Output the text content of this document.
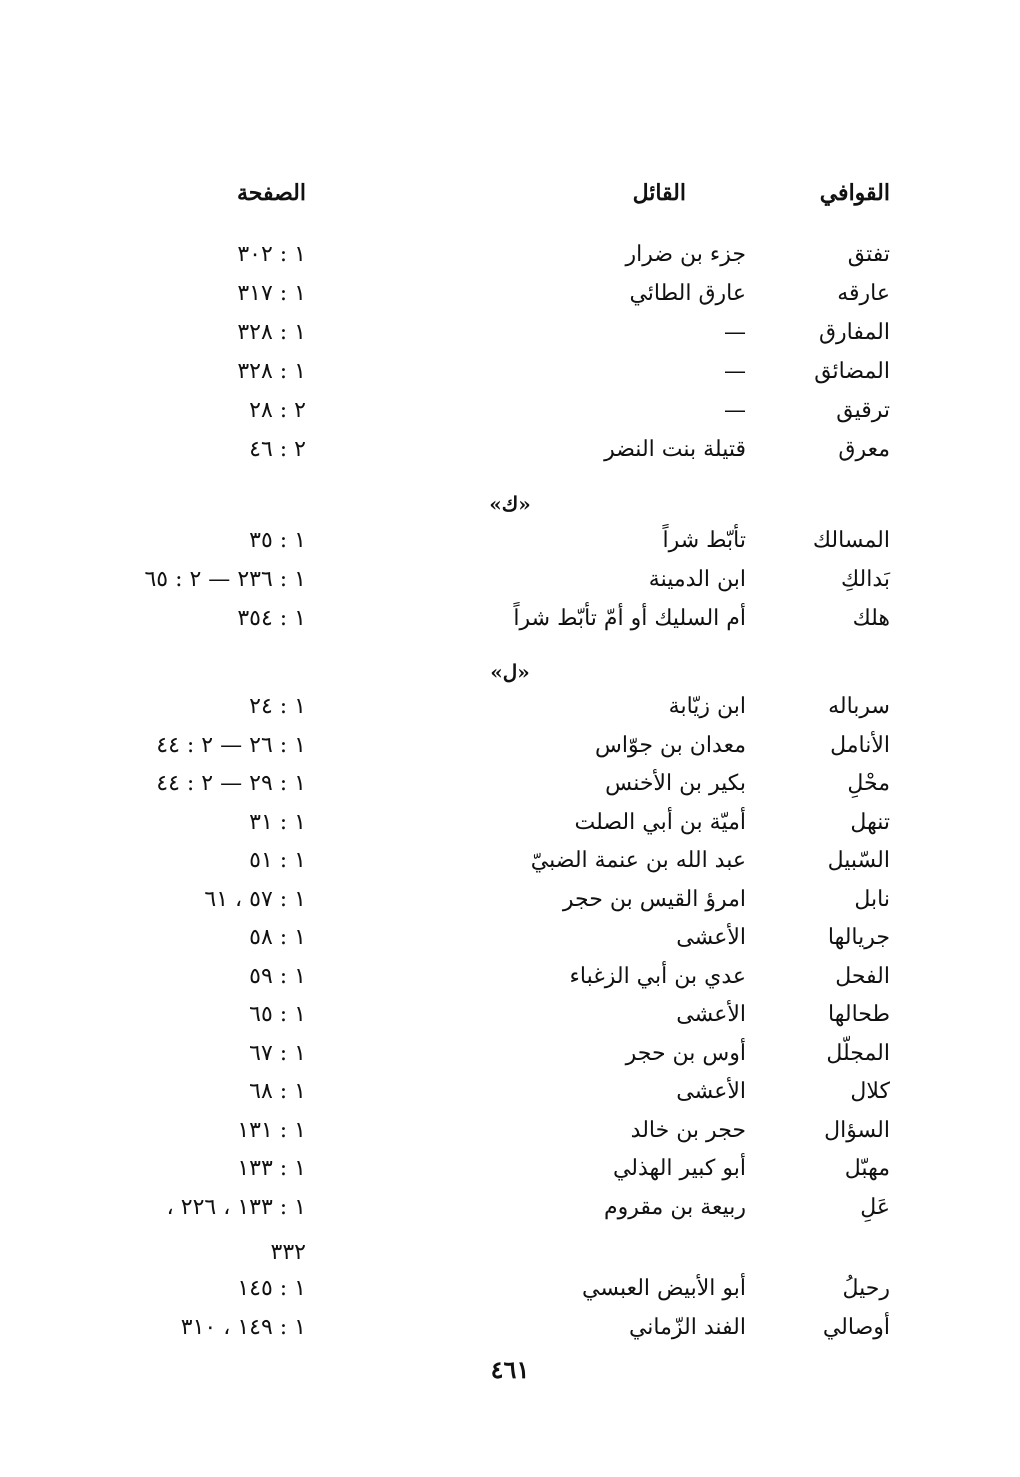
القوافي
القائل
الصفحة
تفتق
جزء بن ضرار
١ : ٣٠٢
عارقه
عارق الطائي
١ : ٣١٧
المفارق
—
١ : ٣٢٨
المضائق
—
١ : ٣٢٨
ترقيق
—
٢ : ٢٨
معرق
قتيلة بنت النضر
٢ : ٤٦
«ك»
المسالك
تأبّط شراً
١ : ٣٥
بَدالكِ
ابن الدمينة
١ : ٢٣٦ — ٢ : ٦٥
هلك
أم السليك أو أمّ تأبّط شراً
١ : ٣٥٤
«ل»
سرباله
ابن زيّابة
١ : ٢٤
الأنامل
معدان بن جوّاس
١ : ٢٦ — ٢ : ٤٤
محْلِ
بكير بن الأخنس
١ : ٢٩ — ٢ : ٤٤
تنهل
أميّة بن أبي الصلت
١ : ٣١
السّبيل
عبد الله بن عنمة الضبيّ
١ : ٥١
نابل
امرؤ القيس بن حجر
١ : ٥٧ ، ٦١
جريالها
الأعشى
١ : ٥٨
الفحل
عدي بن أبي الزغباء
١ : ٥٩
طحالها
الأعشى
١ : ٦٥
المجلّل
أوس بن حجر
١ : ٦٧
كلال
الأعشى
١ : ٦٨
السؤال
حجر بن خالد
١ : ١٣١
مهبّل
أبو كبير الهذلي
١ : ١٣٣
عَلِ
ربيعة بن مقروم
١ : ١٣٣ ، ٢٢٦ ،
٣٣٢
رحيلُ
أبو الأبيض العبسي
١ : ١٤٥
أوصالي
الفند الزّماني
١ : ١٤٩ ، ٣١٠
٤٦١
